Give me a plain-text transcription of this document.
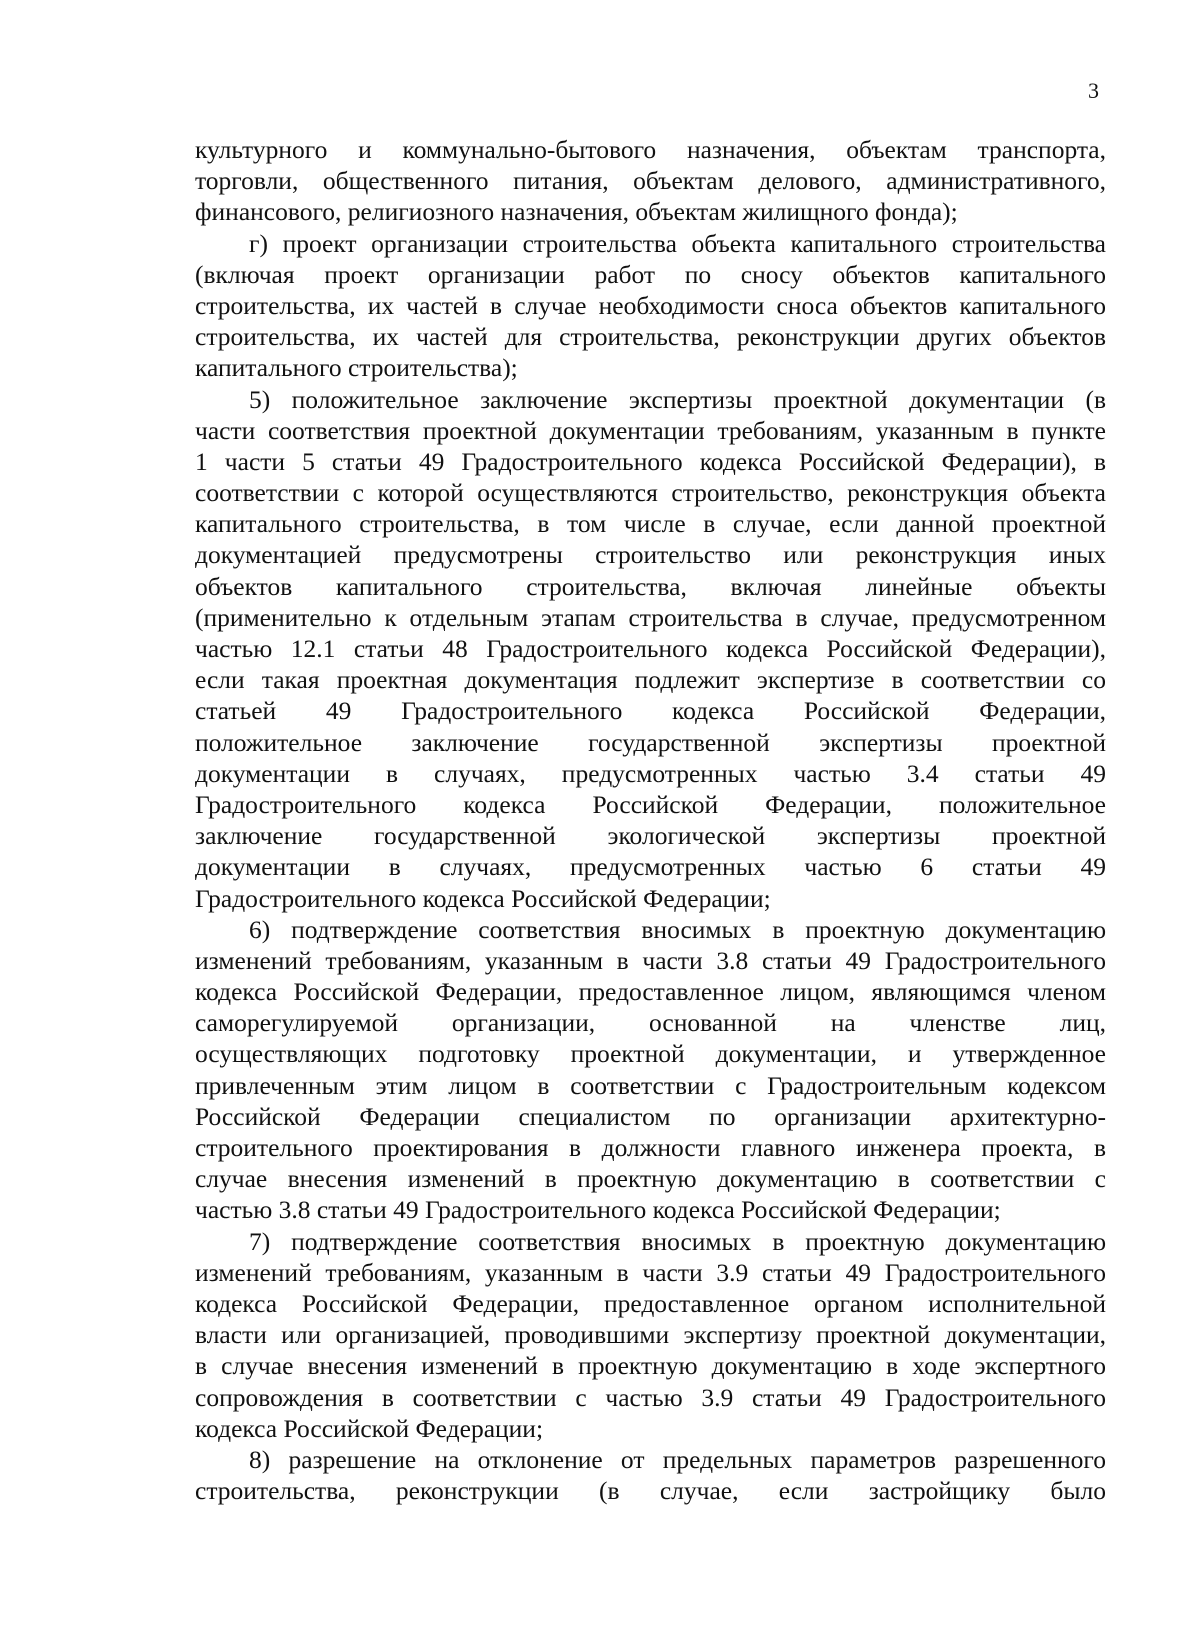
3
культурного и коммунально-бытового назначения, объектам транспорта,
торговли, общественного питания, объектам делового, административного,
финансового, религиозного назначения, объектам жилищного фонда);
г) проект организации строительства объекта капитального строительства
(включая проект организации работ по сносу объектов капитального
строительства, их частей в случае необходимости сноса объектов капитального
строительства, их частей для строительства, реконструкции других объектов
капитального строительства);
5) положительное заключение экспертизы проектной документации (в
части соответствия проектной документации требованиям, указанным в пункте
1 части 5 статьи 49 Градостроительного кодекса Российской Федерации), в
соответствии с которой осуществляются строительство, реконструкция объекта
капитального строительства, в том числе в случае, если данной проектной
документацией предусмотрены строительство или реконструкция иных
объектов капитального строительства, включая линейные объекты
(применительно к отдельным этапам строительства в случае, предусмотренном
частью 12.1 статьи 48 Градостроительного кодекса Российской Федерации),
если такая проектная документация подлежит экспертизе в соответствии со
статьей 49 Градостроительного кодекса Российской Федерации,
положительное заключение государственной экспертизы проектной
документации в случаях, предусмотренных частью 3.4 статьи 49
Градостроительного кодекса Российской Федерации, положительное
заключение государственной экологической экспертизы проектной
документации в случаях, предусмотренных частью 6 статьи 49
Градостроительного кодекса Российской Федерации;
6) подтверждение соответствия вносимых в проектную документацию
изменений требованиям, указанным в части 3.8 статьи 49 Градостроительного
кодекса Российской Федерации, предоставленное лицом, являющимся членом
саморегулируемой организации, основанной на членстве лиц,
осуществляющих подготовку проектной документации, и утвержденное
привлеченным этим лицом в соответствии с Градостроительным кодексом
Российской Федерации специалистом по организации архитектурно-
строительного проектирования в должности главного инженера проекта, в
случае внесения изменений в проектную документацию в соответствии с
частью 3.8 статьи 49 Градостроительного кодекса Российской Федерации;
7) подтверждение соответствия вносимых в проектную документацию
изменений требованиям, указанным в части 3.9 статьи 49 Градостроительного
кодекса Российской Федерации, предоставленное органом исполнительной
власти или организацией, проводившими экспертизу проектной документации,
в случае внесения изменений в проектную документацию в ходе экспертного
сопровождения в соответствии с частью 3.9 статьи 49 Градостроительного
кодекса Российской Федерации;
8) разрешение на отклонение от предельных параметров разрешенного
строительства, реконструкции (в случае, если застройщику было
